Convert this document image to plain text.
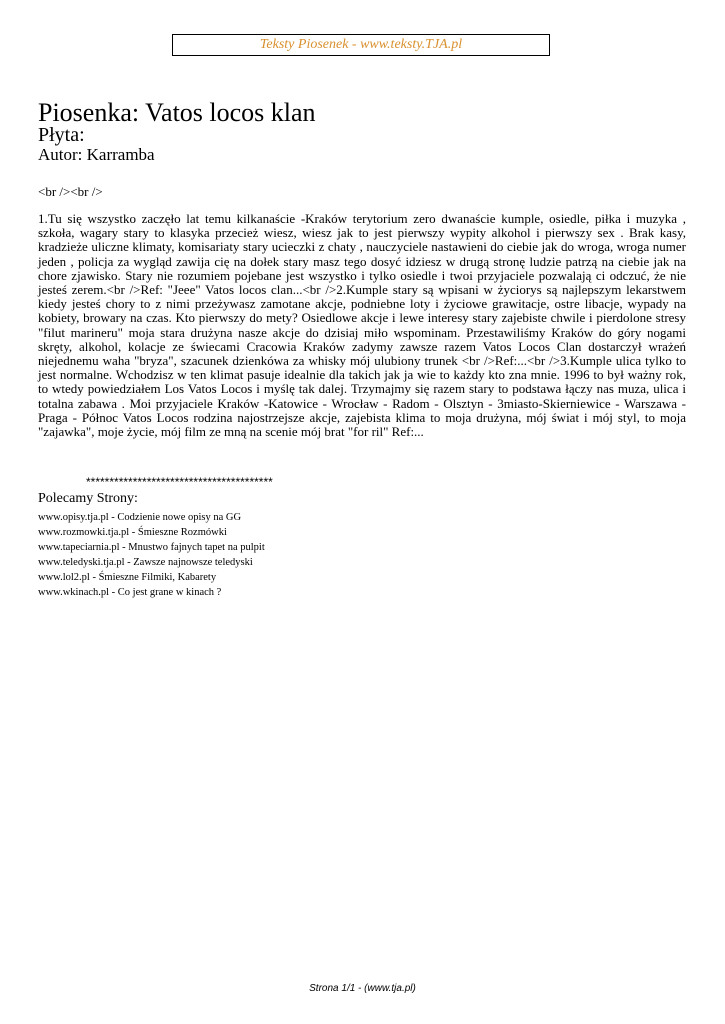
Teksty Piosenek - www.teksty.TJA.pl
Piosenka: Vatos locos klan

Płyta:

Autor: Karramba

<br /><br />

1.Tu się wszystko zaczęło lat temu kilkanaście -Kraków terytorium zero dwanaście kumple, osiedle, piłka i muzyka , szkoła, wagary stary to klasyka przecież wiesz, wiesz jak to jest pierwszy wypity alkohol i pierwszy sex . Brak kasy, kradzieże uliczne klimaty, komisariaty stary ucieczki z chaty , nauczyciele nastawieni do ciebie jak do wroga, wroga numer jeden , policja za wygląd zawija cię na dołek stary masz tego dosyć idziesz w drugą stronę ludzie patrzą na ciebie jak na chore zjawisko. Stary nie rozumiem pojebane jest wszystko i tylko osiedle i twoi przyjaciele pozwalają ci odczuć, że nie jesteś zerem.<br />Ref: "Jeee" Vatos locos clan...<br />2.Kumple stary są wpisani w życiorys są najlepszym lekarstwem kiedy jesteś chory to z nimi przeżywasz zamotane akcje, podniebne loty i życiowe grawitacje, ostre libacje, wypady na kobiety, browary na czas. Kto pierwszy do mety? Osiedlowe akcje i lewe interesy stary zajebiste chwile i pierdolone stresy "filut marineru" moja stara drużyna nasze akcje do dzisiaj miło wspominam. Przestawiliśmy Kraków do góry nogami skręty, alkohol, kolacje ze świecami Cracowia Kraków zadymy zawsze razem Vatos Locos Clan dostarczył wrażeń niejednemu waha "bryza", szacunek dzienkówa za whisky mój ulubiony trunek <br />Ref:...<br />3.Kumple ulica tylko to jest normalne. Wchodzisz w ten klimat pasuje idealnie dla takich jak ja wie to każdy kto zna mnie. 1996 to był ważny rok, to wtedy powiedziałem Los Vatos Locos i myślę tak dalej. Trzymajmy się razem stary to podstawa łączy nas muza, ulica i totalna zabawa . Moi przyjaciele Kraków -Katowice - Wrocław - Radom - Olsztyn - 3miasto-Skierniewice - Warszawa - Praga - Północ Vatos Locos rodzina najostrzejsze akcje, zajebista klima to moja drużyna, mój świat i mój styl, to moja "zajawka", moje życie, mój film ze mną na scenie mój brat "for ril" Ref:...

****************************************

Polecamy Strony:

www.opisy.tja.pl - Codzienie nowe opisy na GG
www.rozmowki.tja.pl - Śmieszne Rozmówki
www.tapeciarnia.pl - Mnustwo fajnych tapet na pulpit
www.teledyski.tja.pl - Zawsze najnowsze teledyski
www.lol2.pl - Śmieszne Filmiki, Kabarety
www.wkinach.pl - Co jest grane w kinach ?
Strona 1/1 - (www.tja.pl)
